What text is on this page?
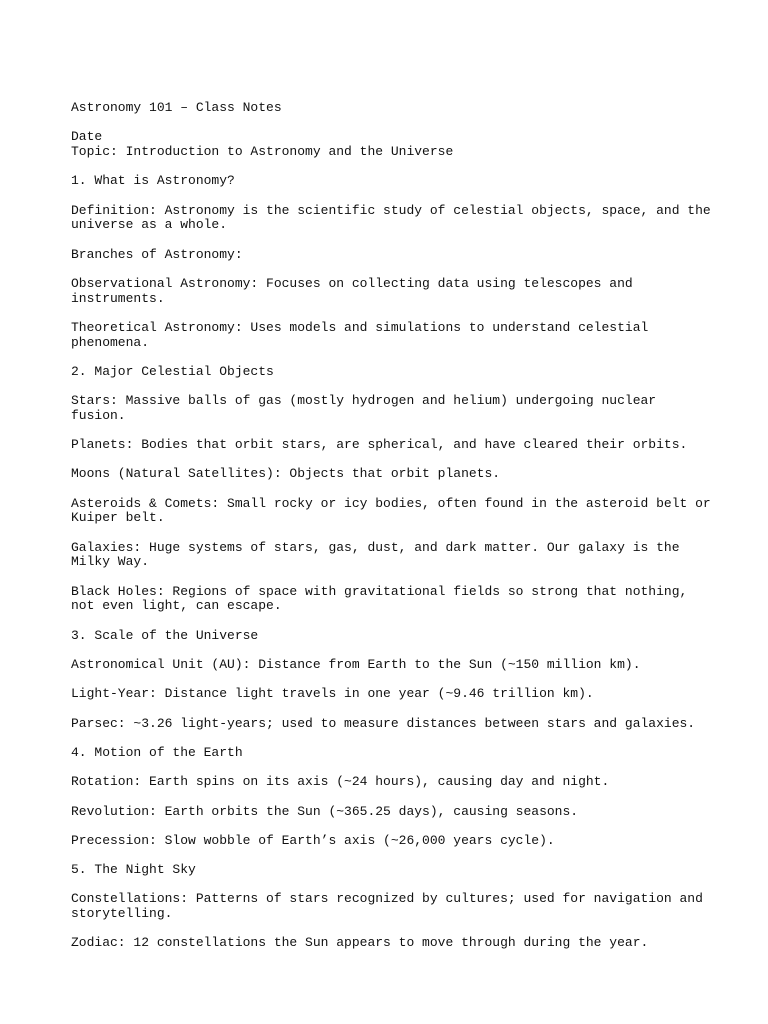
Astronomy 101 – Class Notes

Date

Topic: Introduction to Astronomy and the Universe

1. What is Astronomy?

Definition: Astronomy is the scientific study of celestial objects, space, and the universe as a whole.

Branches of Astronomy:

Observational Astronomy: Focuses on collecting data using telescopes and instruments.

Theoretical Astronomy: Uses models and simulations to understand celestial phenomena.

2. Major Celestial Objects

Stars: Massive balls of gas (mostly hydrogen and helium) undergoing nuclear fusion.

Planets: Bodies that orbit stars, are spherical, and have cleared their orbits.

Moons (Natural Satellites): Objects that orbit planets.

Asteroids & Comets: Small rocky or icy bodies, often found in the asteroid belt or Kuiper belt.

Galaxies: Huge systems of stars, gas, dust, and dark matter. Our galaxy is the Milky Way.

Black Holes: Regions of space with gravitational fields so strong that nothing, not even light, can escape.

3. Scale of the Universe

Astronomical Unit (AU): Distance from Earth to the Sun (~150 million km).

Light-Year: Distance light travels in one year (~9.46 trillion km).

Parsec: ~3.26 light-years; used to measure distances between stars and galaxies.

4. Motion of the Earth

Rotation: Earth spins on its axis (~24 hours), causing day and night.

Revolution: Earth orbits the Sun (~365.25 days), causing seasons.

Precession: Slow wobble of Earth’s axis (~26,000 years cycle).

5. The Night Sky

Constellations: Patterns of stars recognized by cultures; used for navigation and storytelling.

Zodiac: 12 constellations the Sun appears to move through during the year.
